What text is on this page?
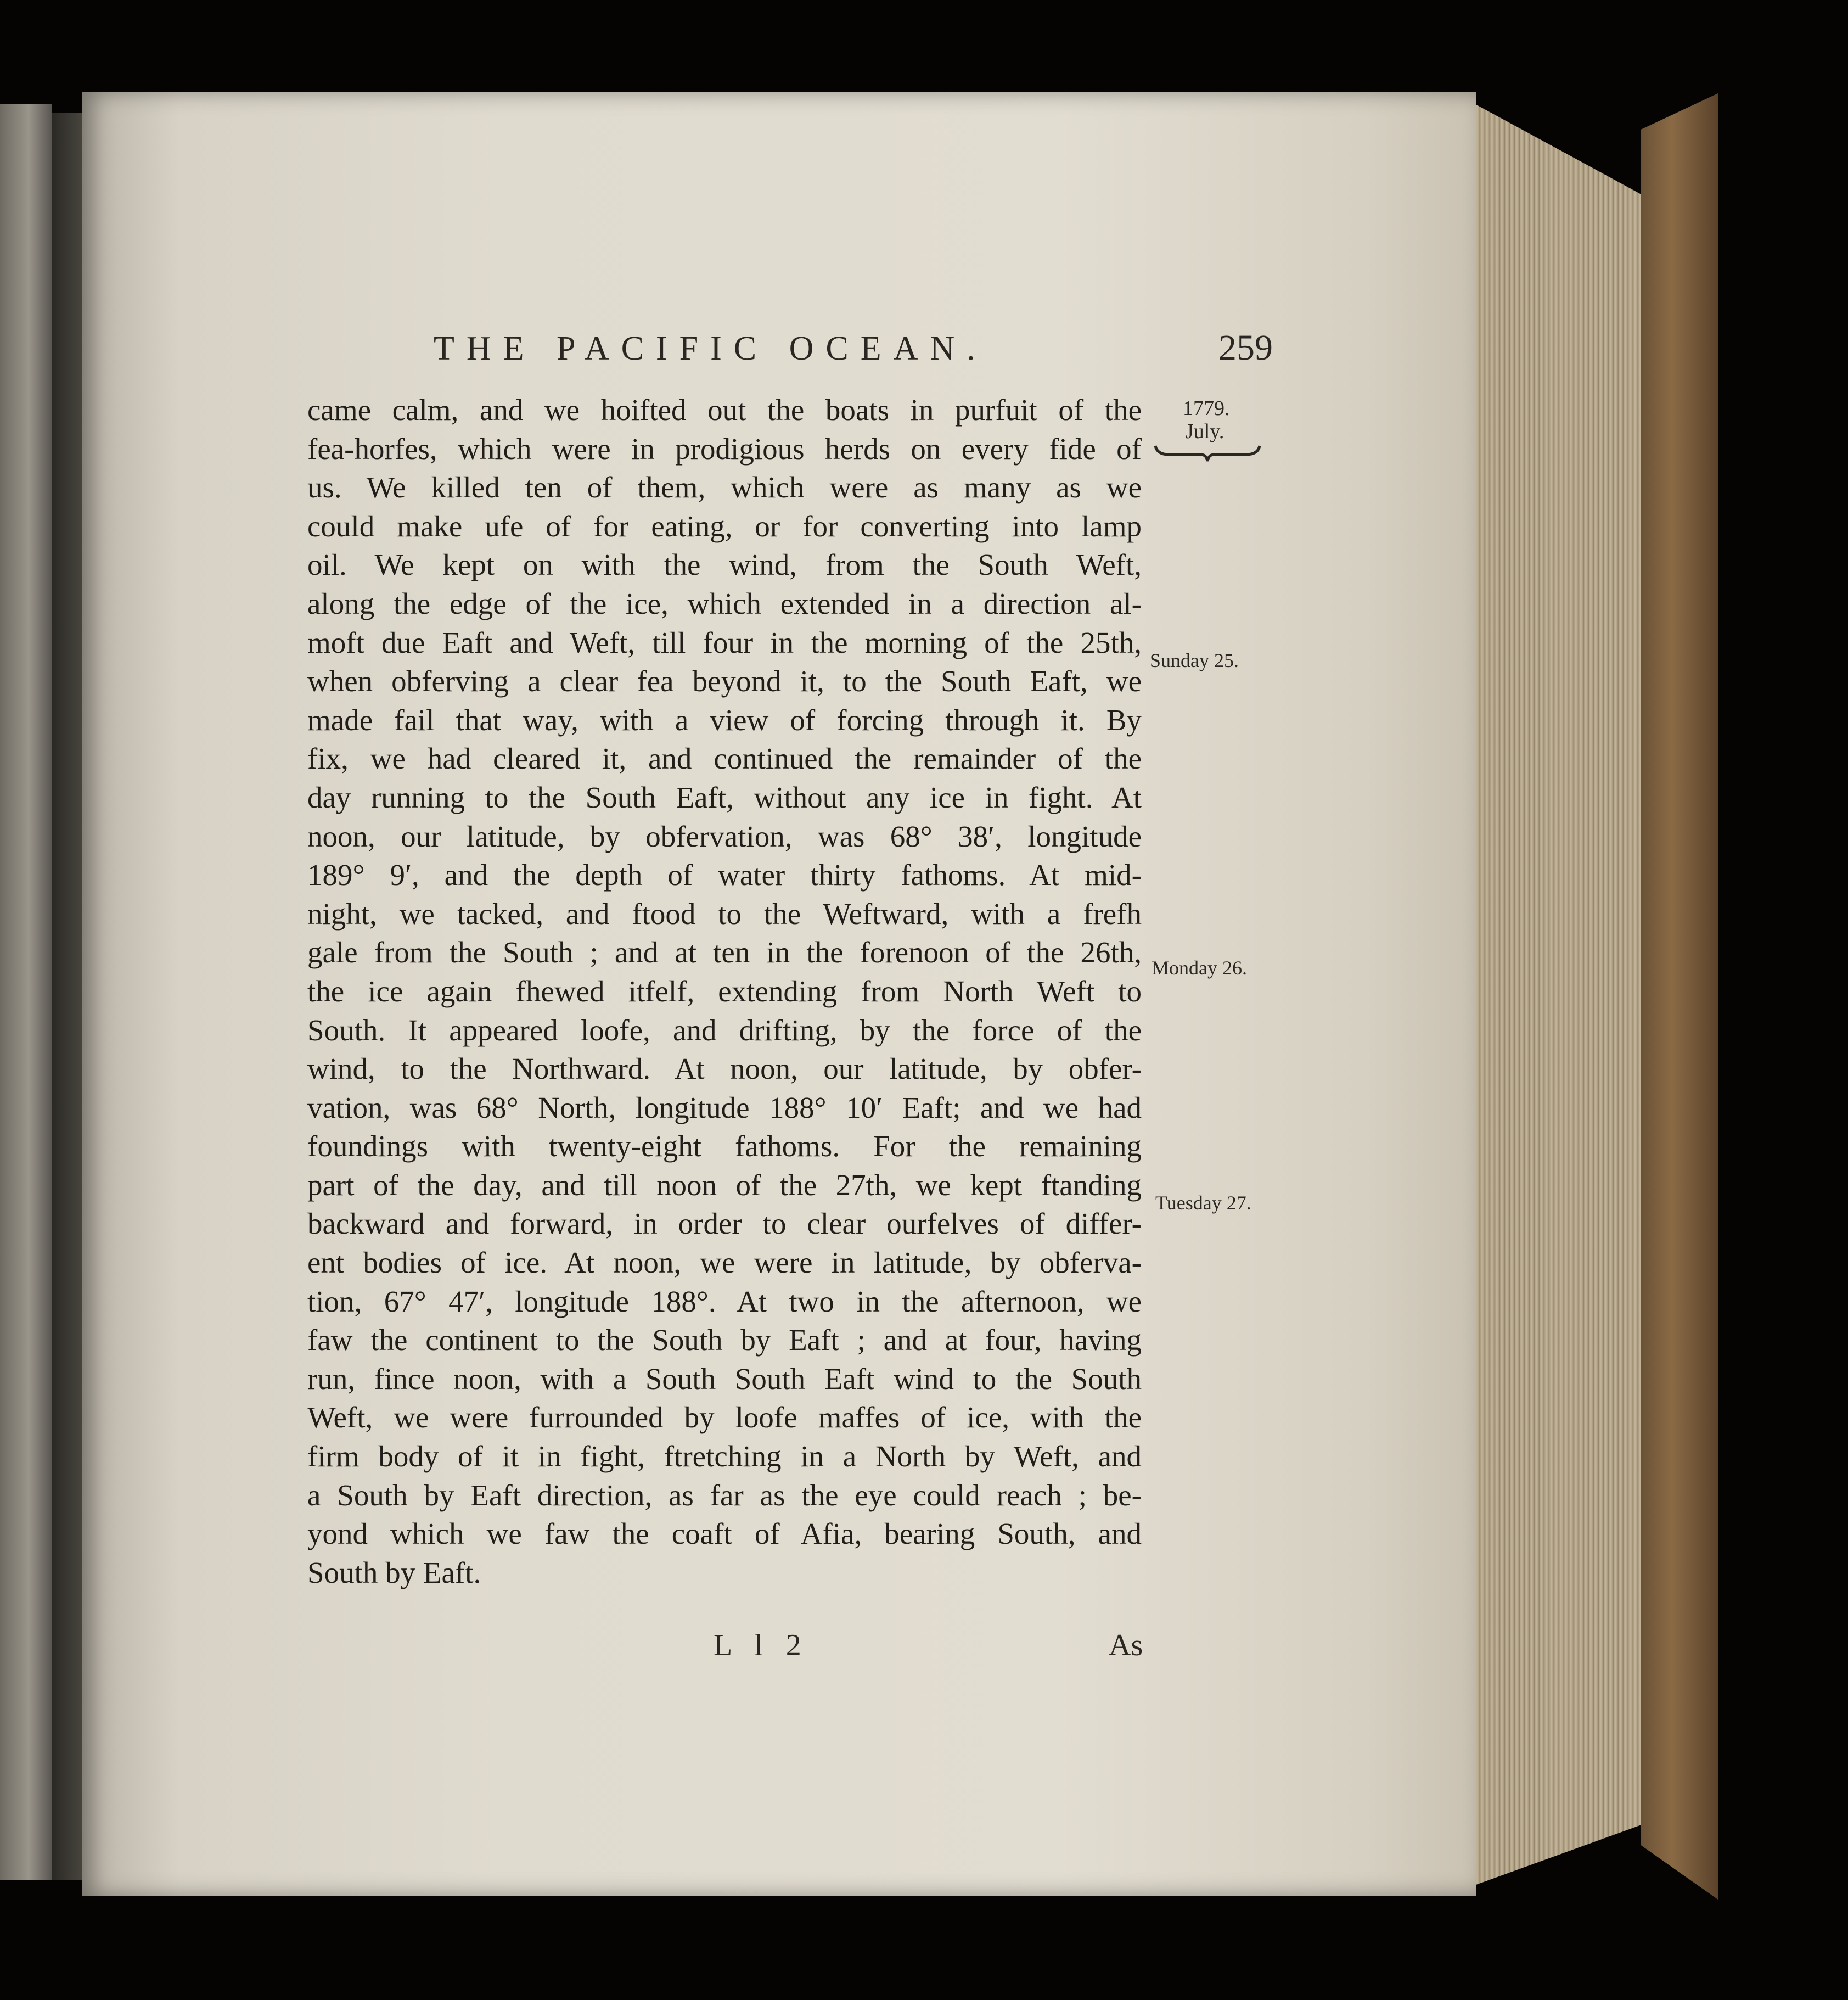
THE PACIFIC OCEAN.	259
1779.
July.
Sunday 25.
Monday 26.
Tuesday 27.
came calm, and we hoifted out the boats in purfuit of the
fea-horfes, which were in prodigious herds on every fide of
us. We killed ten of them, which were as many as we
could make ufe of for eating, or for converting into lamp
oil. We kept on with the wind, from the South Weft,
along the edge of the ice, which extended in a direction al-
moft due Eaft and Weft, till four in the morning of the 25th,
when obferving a clear fea beyond it, to the South Eaft, we
made fail that way, with a view of forcing through it. By
fix, we had cleared it, and continued the remainder of the
day running to the South Eaft, without any ice in fight. At
noon, our latitude, by obfervation, was 68° 38′, longitude
189° 9′, and the depth of water thirty fathoms. At mid-
night, we tacked, and ftood to the Weftward, with a frefh
gale from the South ; and at ten in the forenoon of the 26th,
the ice again fhewed itfelf, extending from North Weft to
South. It appeared loofe, and drifting, by the force of the
wind, to the Northward. At noon, our latitude, by obfer-
vation, was 68° North, longitude 188° 10′ Eaft; and we had
foundings with twenty-eight fathoms. For the remaining
part of the day, and till noon of the 27th, we kept ftanding
backward and forward, in order to clear ourfelves of differ-
ent bodies of ice. At noon, we were in latitude, by obferva-
tion, 67° 47′, longitude 188°. At two in the afternoon, we
faw the continent to the South by Eaft ; and at four, having
run, fince noon, with a South South Eaft wind to the South
Weft, we were furrounded by loofe maffes of ice, with the
firm body of it in fight, ftretching in a North by Weft, and
a South by Eaft direction, as far as the eye could reach ; be-
yond which we faw the coaft of Afia, bearing South, and
South by Eaft.
L l 2	As
